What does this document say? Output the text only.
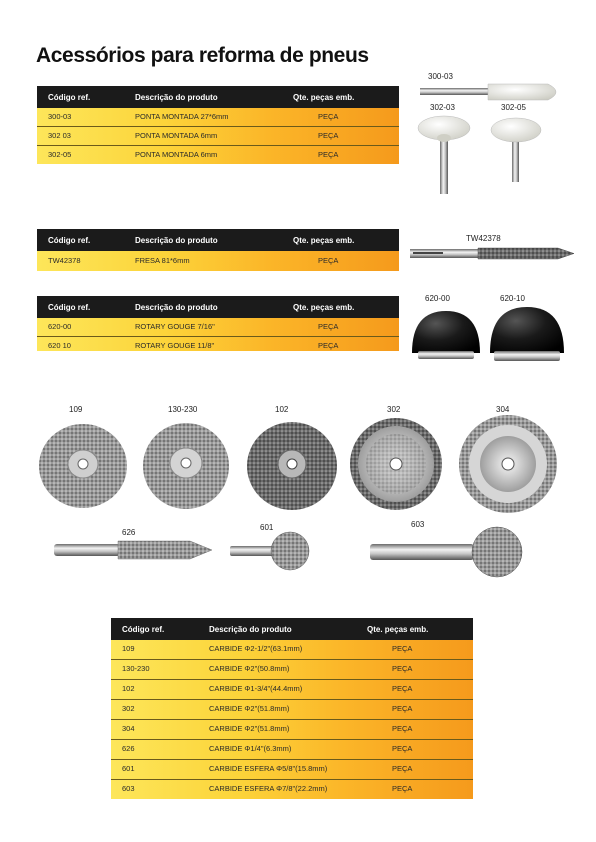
Acessórios para reforma de pneus
Código ref.	Descrição do produto	Qte. peças emb.
300-03	PONTA MONTADA 27*6mm	PEÇA
302 03	PONTA MONTADA 6mm	PEÇA
302-05	PONTA MONTADA 6mm	PEÇA
Código ref.	Descrição do produto	Qte. peças emb.
TW42378	FRESA 81*6mm	PEÇA
Código ref.	Descrição do produto	Qte. peças emb.
620-00	ROTARY GOUGE 7/16"	PEÇA
620 10	ROTARY GOUGE 11/8"	PEÇA
Código ref.	Descrição do produto	Qte. peças emb.
109	CARBIDE Φ2-1/2"(63.1mm)	PEÇA
130-230	CARBIDE Φ2"(50.8mm)	PEÇA
102	CARBIDE Φ1-3/4"(44.4mm)	PEÇA
302	CARBIDE Φ2"(51.8mm)	PEÇA
304	CARBIDE Φ2"(51.8mm)	PEÇA
626	CARBIDE Φ1/4"(6.3mm)	PEÇA
601	CARBIDE ESFERA Φ5/8"(15.8mm)	PEÇA
603	CARBIDE ESFERA Φ7/8"(22.2mm)	PEÇA
300-03
302-03	302-05
TW42378
620-00	620-10
109	130-230	102	302	304
626
601	603
